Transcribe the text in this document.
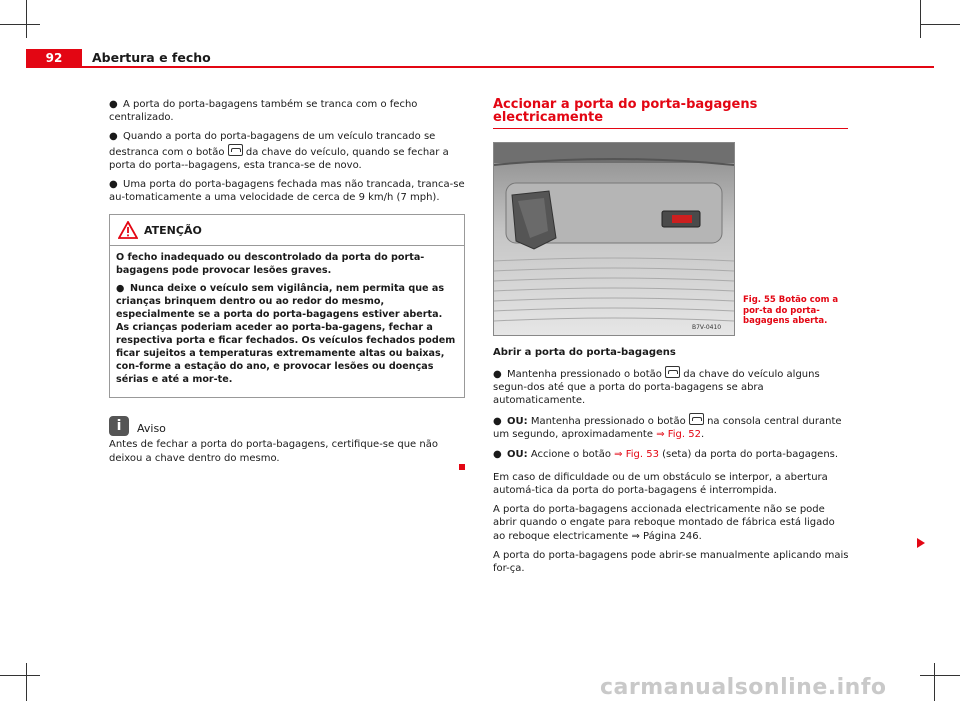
92	Abertura e fecho
● A porta do porta-bagagens também se tranca com o fecho centralizado.
● Quando a porta do porta-bagagens de um veículo trancado se destranca com o botão da chave do veículo, quando se fechar a porta do porta--bagagens, esta tranca-se de novo.
● Uma porta do porta-bagagens fechada mas não trancada, tranca-se au-tomaticamente a uma velocidade de cerca de 9 km/h (7 mph).
ATENÇÃO

O fecho inadequado ou descontrolado da porta do porta-bagagens pode provocar lesões graves.

● Nunca deixe o veículo sem vigilância, nem permita que as crianças brinquem dentro ou ao redor do mesmo, especialmente se a porta do porta-bagagens estiver aberta. As crianças poderiam aceder ao porta-ba-gagens, fechar a respectiva porta e ficar fechados. Os veículos fechados podem ficar sujeitos a temperaturas extremamente altas ou baixas, con-forme a estação do ano, e provocar lesões ou doenças sérias e até a mor-te.

i	Aviso

Antes de fechar a porta do porta-bagagens, certifique-se que não deixou a chave dentro do mesmo.

Accionar a porta do porta-bagagens electricamente

B7V-0410
Fig. 55 Botão com a por-ta do porta-bagagens aberta.

Abrir a porta do porta-bagagens

● Mantenha pressionado o botão da chave do veículo alguns segun-dos até que a porta do porta-bagagens se abra automaticamente.
● OU: Mantenha pressionado o botão na consola central durante um segundo, aproximadamente ⇒ Fig. 52.
● OU: Accione o botão ⇒ Fig. 53 (seta) da porta do porta-bagagens.

Em caso de dificuldade ou de um obstáculo se interpor, a abertura automá-tica da porta do porta-bagagens é interrompida.

A porta do porta-bagagens accionada electricamente não se pode abrir quando o engate para reboque montado de fábrica está ligado ao reboque electricamente ⇒ Página 246.

A porta do porta-bagagens pode abrir-se manualmente aplicando mais for-ça.

carmanualsonline.info
